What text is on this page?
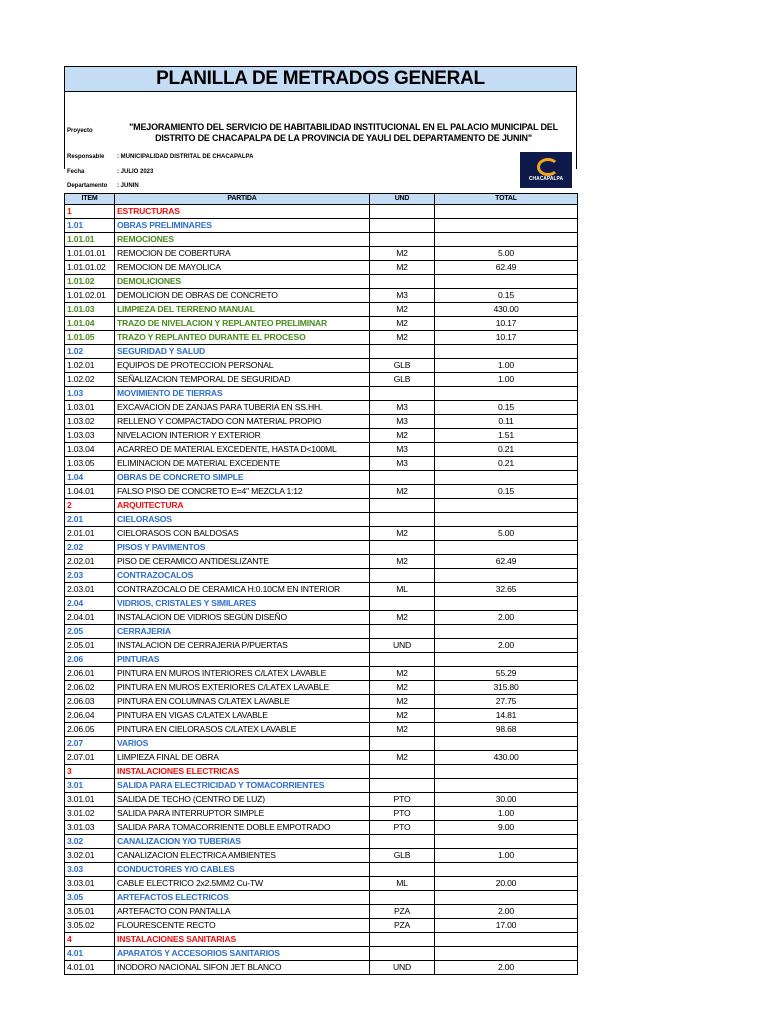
PLANILLA DE METRADOS GENERAL
Proyecto	"MEJORAMIENTO DEL SERVICIO DE HABITABILIDAD INSTITUCIONAL EN EL PALACIO MUNICIPAL DEL DISTRITO DE CHACAPALPA DE LA PROVINCIA DE YAULI DEL DEPARTAMENTO DE JUNIN"
Responsable : MUNICIPALIDAD DISTRITAL DE CHACAPALPA
Fecha	: JULIO 2023
Departamento : JUNIN
CHACAPALPA
ITEM	PARTIDA	UND	TOTAL
1	ESTRUCTURAS		
1.01	OBRAS PRELIMINARES		
1.01.01	REMOCIONES		
1.01.01.01	REMOCION DE COBERTURA	M2	5.00
1.01.01.02	REMOCION DE MAYOLICA	M2	62.49
1.01.02	DEMOLICIONES		
1.01.02.01	DEMOLICION DE OBRAS DE CONCRETO	M3	0.15
1.01.03	LIMPIEZA DEL TERRENO MANUAL	M2	430.00
1.01.04	TRAZO DE NIVELACION Y REPLANTEO PRELIMINAR	M2	10.17
1.01.05	TRAZO Y REPLANTEO DURANTE EL PROCESO	M2	10.17
1.02	SEGURIDAD Y SALUD		
1.02.01	EQUIPOS DE PROTECCION PERSONAL	GLB	1.00
1.02.02	SEÑALIZACION TEMPORAL DE SEGURIDAD	GLB	1.00
1.03	MOVIMIENTO DE TIERRAS		
1.03.01	EXCAVACION DE ZANJAS PARA TUBERIA EN SS.HH.	M3	0.15
1.03.02	RELLENO Y COMPACTADO CON MATERIAL PROPIO	M3	0.11
1.03.03	NIVELACION INTERIOR Y EXTERIOR	M2	1.51
1.03.04	ACARREO DE MATERIAL EXCEDENTE, HASTA D<100ML	M3	0.21
1.03.05	ELIMINACION DE MATERIAL EXCEDENTE	M3	0.21
1.04	OBRAS DE CONCRETO SIMPLE		
1.04.01	FALSO PISO DE CONCRETO E=4" MEZCLA 1:12	M2	0.15
2	ARQUITECTURA		
2.01	CIELORASOS		
2.01.01	CIELORASOS CON BALDOSAS	M2	5.00
2.02	PISOS Y PAVIMENTOS		
2.02.01	PISO DE CERAMICO ANTIDESLIZANTE	M2	62.49
2.03	CONTRAZOCALOS		
2.03.01	CONTRAZOCALO DE CERAMICA H:0.10CM EN INTERIOR	ML	32.65
2.04	VIDRIOS, CRISTALES Y SIMILARES		
2.04.01	INSTALACION DE VIDRIOS SEGÚN DISEÑO	M2	2.00
2.05	CERRAJERIA		
2.05.01	INSTALACION DE CERRAJERIA P/PUERTAS	UND	2.00
2.06	PINTURAS		
2.06.01	PINTURA EN MUROS INTERIORES C/LATEX LAVABLE	M2	55.29
2.06.02	PINTURA EN MUROS EXTERIORES C/LATEX LAVABLE	M2	315.80
2.06.03	PINTURA EN COLUMNAS C/LATEX LAVABLE	M2	27.75
2.06.04	PINTURA EN VIGAS C/LATEX LAVABLE	M2	14.81
2.06.05	PINTURA EN CIELORASOS C/LATEX LAVABLE	M2	98.68
2.07	VARIOS		
2.07.01	LIMPIEZA FINAL DE OBRA	M2	430.00
3	INSTALACIONES ELECTRICAS		
3.01	SALIDA PARA ELECTRICIDAD Y TOMACORRIENTES		
3.01.01	SALIDA DE TECHO (CENTRO DE LUZ)	PTO	30.00
3.01.02	SALIDA PARA INTERRUPTOR SIMPLE	PTO	1.00
3.01.03	SALIDA PARA TOMACORRIENTE DOBLE EMPOTRADO	PTO	9.00
3.02	CANALIZACION Y/O TUBERIAS		
3.02.01	CANALIZACION ELECTRICA AMBIENTES	GLB	1.00
3.03	CONDUCTORES Y/O CABLES		
3.03.01	CABLE ELECTRICO 2x2.5MM2 Cu-TW	ML	20.00
3.05	ARTEFACTOS ELECTRICOS		
3.05.01	ARTEFACTO CON PANTALLA	PZA	2.00
3.05.02	FLOURESCENTE RECTO	PZA	17.00
4	INSTALACIONES SANITARIAS		
4.01	APARATOS Y ACCESORIOS SANITARIOS		
4.01.01	INODORO NACIONAL SIFON JET BLANCO	UND	2.00
